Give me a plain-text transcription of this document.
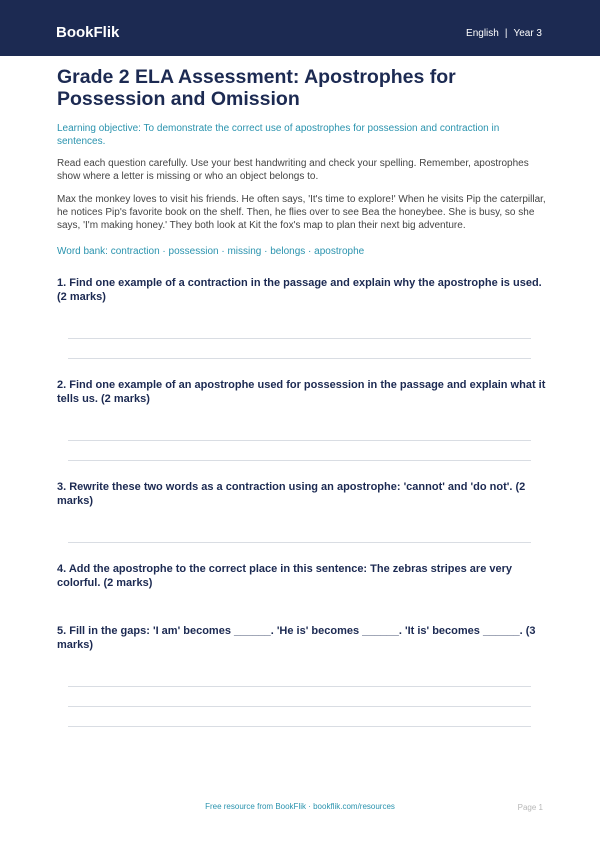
BookFlik	English | Year 3
Grade 2 ELA Assessment: Apostrophes for Possession and Omission
Learning objective: To demonstrate the correct use of apostrophes for possession and contraction in sentences.
Read each question carefully. Use your best handwriting and check your spelling. Remember, apostrophes show where a letter is missing or who an object belongs to.
Max the monkey loves to visit his friends. He often says, 'It's time to explore!' When he visits Pip the caterpillar, he notices Pip's favorite book on the shelf. Then, he flies over to see Bea the honeybee. She is busy, so she says, 'I'm making honey.' They both look at Kit the fox's map to plan their next big adventure.
Word bank: contraction · possession · missing · belongs · apostrophe
1. Find one example of a contraction in the passage and explain why the apostrophe is used. (2 marks)
2. Find one example of an apostrophe used for possession in the passage and explain what it tells us. (2 marks)
3. Rewrite these two words as a contraction using an apostrophe: 'cannot' and 'do not'. (2 marks)
4. Add the apostrophe to the correct place in this sentence: The zebras stripes are very colorful. (2 marks)
5. Fill in the gaps: 'I am' becomes ______. 'He is' becomes ______. 'It is' becomes ______. (3 marks)
Free resource from BookFlik · bookflik.com/resources	Page 1
